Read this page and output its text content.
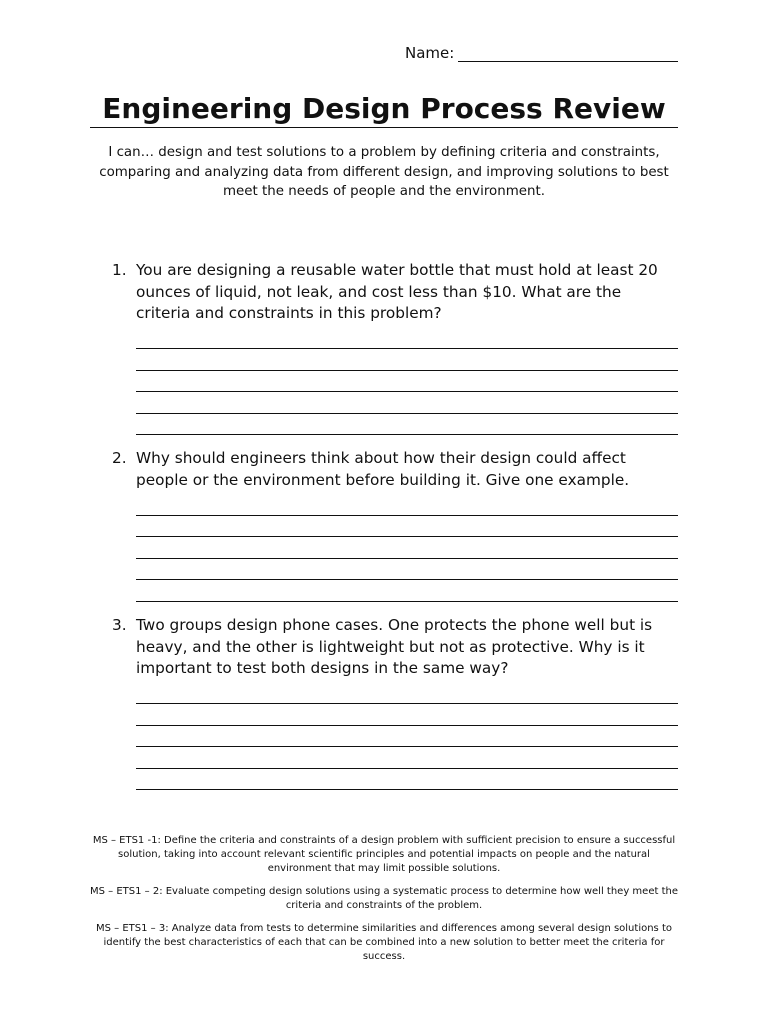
Name:
Engineering Design Process Review
I can… design and test solutions to a problem by defining criteria and constraints, comparing and analyzing data from different design, and improving solutions to best meet the needs of people and the environment.
1. You are designing a reusable water bottle that must hold at least 20 ounces of liquid, not leak, and cost less than $10. What are the criteria and constraints in this problem?
2. Why should engineers think about how their design could affect people or the environment before building it. Give one example.
3. Two groups design phone cases. One protects the phone well but is heavy, and the other is lightweight but not as protective. Why is it important to test both designs in the same way?

MS – ETS1 -1: Define the criteria and constraints of a design problem with sufficient precision to ensure a successful solution, taking into account relevant scientific principles and potential impacts on people and the natural environment that may limit possible solutions.

MS – ETS1 – 2: Evaluate competing design solutions using a systematic process to determine how well they meet the criteria and constraints of the problem.

MS – ETS1 – 3: Analyze data from tests to determine similarities and differences among several design solutions to identify the best characteristics of each that can be combined into a new solution to better meet the criteria for success.
